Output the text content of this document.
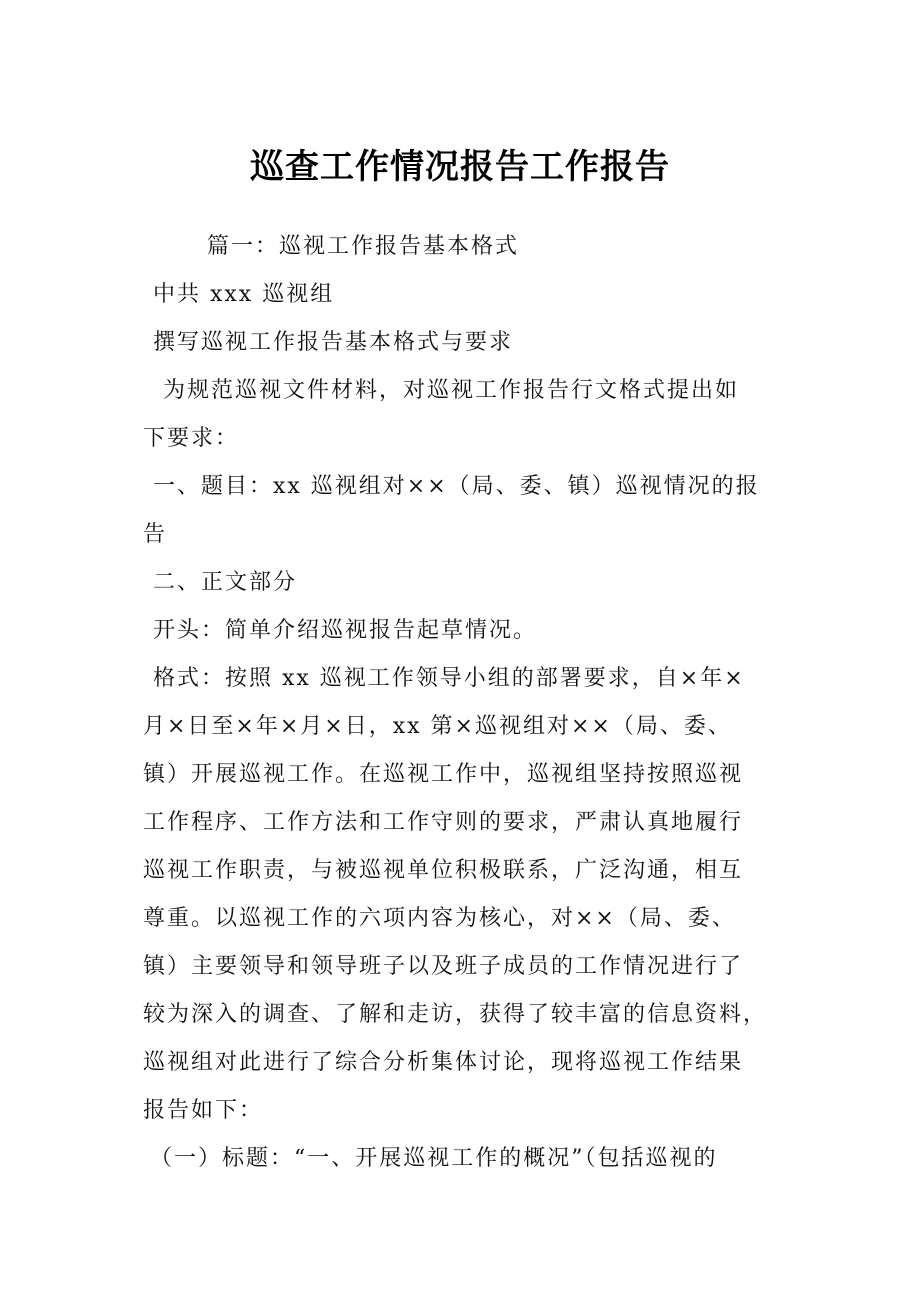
巡查工作情况报告工作报告
篇一：巡视工作报告基本格式
中共 xxx 巡视组
撰写巡视工作报告基本格式与要求
为规范巡视文件材料，对巡视工作报告行文格式提出如
下要求：
一、题目：xx 巡视组对××（局、委、镇）巡视情况的报
告
二、正文部分
开头：简单介绍巡视报告起草情况。
格式：按照 xx 巡视工作领导小组的部署要求，自×年×
月×日至×年×月×日，xx 第×巡视组对××（局、委、
镇）开展巡视工作。在巡视工作中，巡视组坚持按照巡视
工作程序、工作方法和工作守则的要求，严肃认真地履行
巡视工作职责，与被巡视单位积极联系，广泛沟通，相互
尊重。以巡视工作的六项内容为核心，对××（局、委、
镇）主要领导和领导班子以及班子成员的工作情况进行了
较为深入的调查、了解和走访，获得了较丰富的信息资料，
巡视组对此进行了综合分析集体讨论，现将巡视工作结果
报告如下：
（一）标题：“一、开展巡视工作的概况”（包括巡视的
